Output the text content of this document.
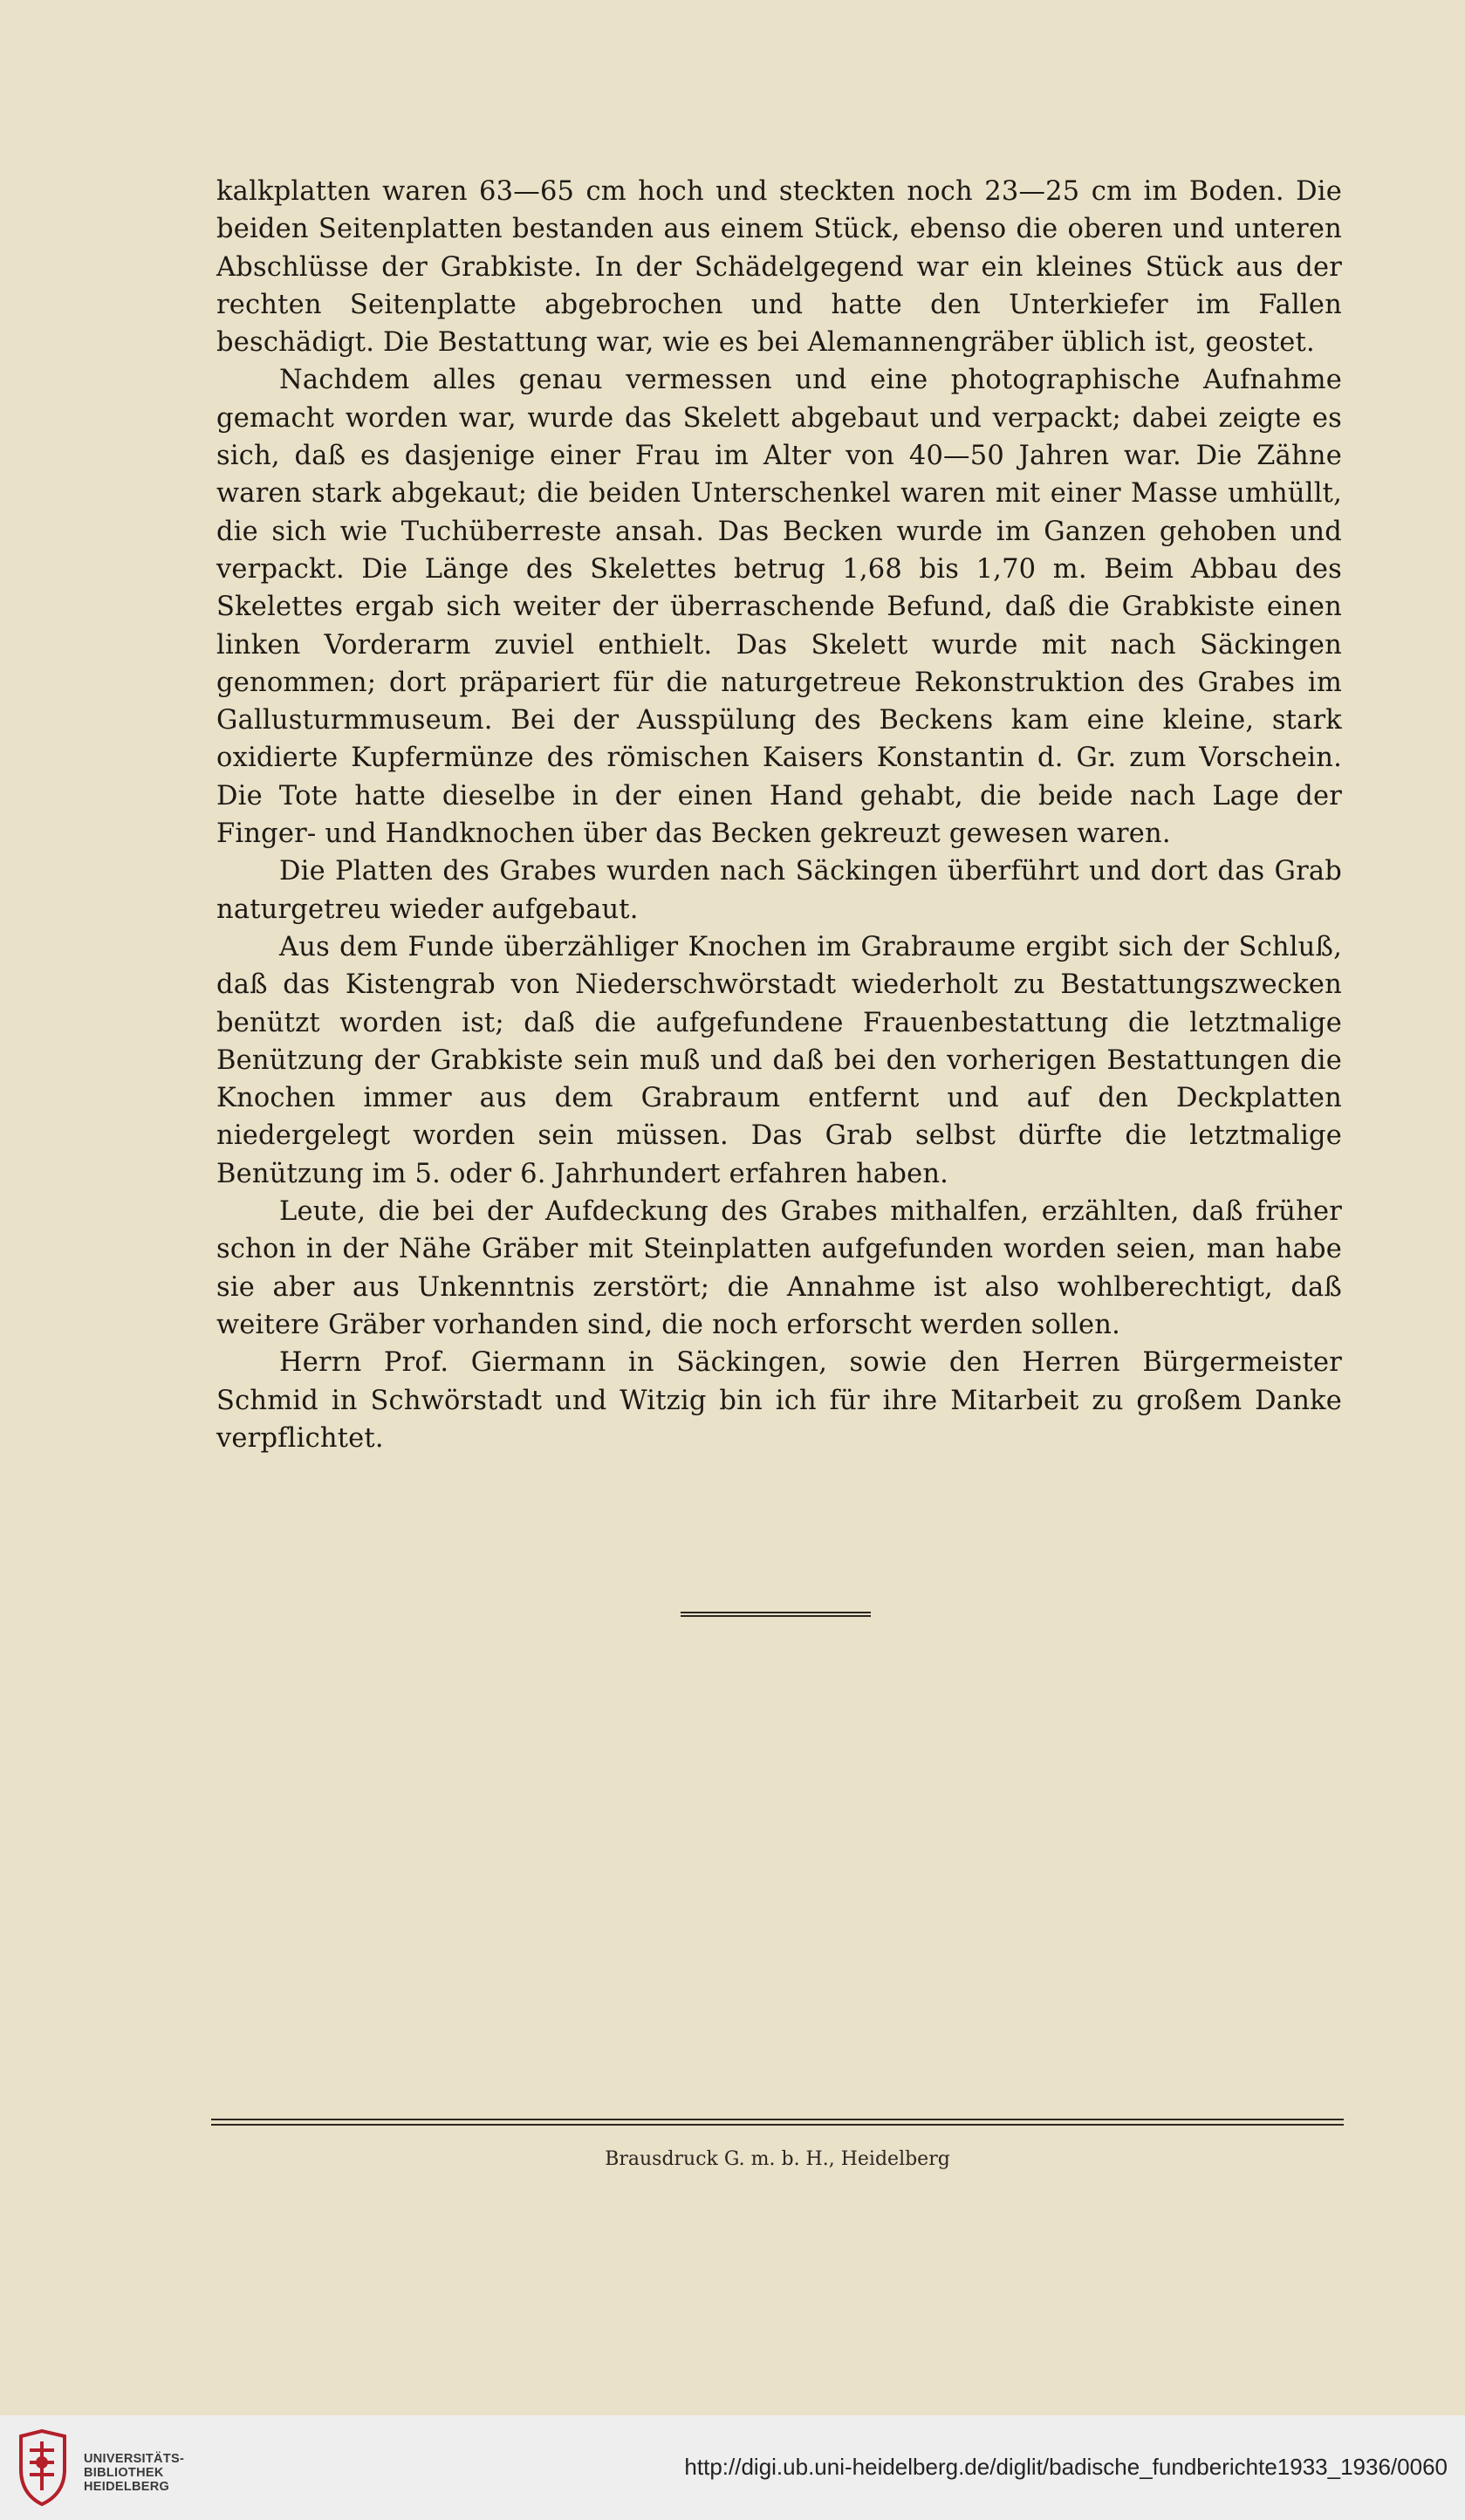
kalkplatten waren 63—65 cm hoch und steckten noch 23—25 cm im Boden. Die beiden Seitenplatten bestanden aus einem Stück, ebenso die oberen und unteren Abschlüsse der Grabkiste. In der Schädelgegend war ein kleines Stück aus der rechten Seitenplatte abgebrochen und hatte den Unterkiefer im Fallen beschädigt. Die Bestattung war, wie es bei Alemannengräber üblich ist, geostet.

Nachdem alles genau vermessen und eine photographische Aufnahme gemacht worden war, wurde das Skelett abgebaut und verpackt; dabei zeigte es sich, daß es dasjenige einer Frau im Alter von 40—50 Jahren war. Die Zähne waren stark abgekaut; die beiden Unterschenkel waren mit einer Masse umhüllt, die sich wie Tuchüberreste ansah. Das Becken wurde im Ganzen gehoben und verpackt. Die Länge des Skelettes betrug 1,68 bis 1,70 m. Beim Abbau des Skelettes ergab sich weiter der überraschende Befund, daß die Grabkiste einen linken Vorderarm zuviel enthielt. Das Skelett wurde mit nach Säckingen genommen; dort präpariert für die naturgetreue Rekonstruktion des Grabes im Gallusturmmuseum. Bei der Ausspülung des Beckens kam eine kleine, stark oxidierte Kupfermünze des römischen Kaisers Konstantin d. Gr. zum Vorschein. Die Tote hatte dieselbe in der einen Hand gehabt, die beide nach Lage der Finger- und Handknochen über das Becken gekreuzt gewesen waren.

Die Platten des Grabes wurden nach Säckingen überführt und dort das Grab naturgetreu wieder aufgebaut.

Aus dem Funde überzähliger Knochen im Grabraume ergibt sich der Schluß, daß das Kistengrab von Niederschwörstadt wiederholt zu Bestattungszwecken benützt worden ist; daß die aufgefundene Frauenbestattung die letztmalige Benützung der Grabkiste sein muß und daß bei den vorherigen Bestattungen die Knochen immer aus dem Grabraum entfernt und auf den Deckplatten niedergelegt worden sein müssen. Das Grab selbst dürfte die letztmalige Benützung im 5. oder 6. Jahrhundert erfahren haben.

Leute, die bei der Aufdeckung des Grabes mithalfen, erzählten, daß früher schon in der Nähe Gräber mit Steinplatten aufgefunden worden seien, man habe sie aber aus Unkenntnis zerstört; die Annahme ist also wohlberechtigt, daß weitere Gräber vorhanden sind, die noch erforscht werden sollen.

Herrn Prof. Giermann in Säckingen, sowie den Herren Bürgermeister Schmid in Schwörstadt und Witzig bin ich für ihre Mitarbeit zu großem Danke verpflichtet.

Brausdruck G. m. b. H., Heidelberg
UNIVERSITÄTS-
BIBLIOTHEK
HEIDELBERG
http://digi.ub.uni-heidelberg.de/diglit/badische_fundberichte1933_1936/0060
